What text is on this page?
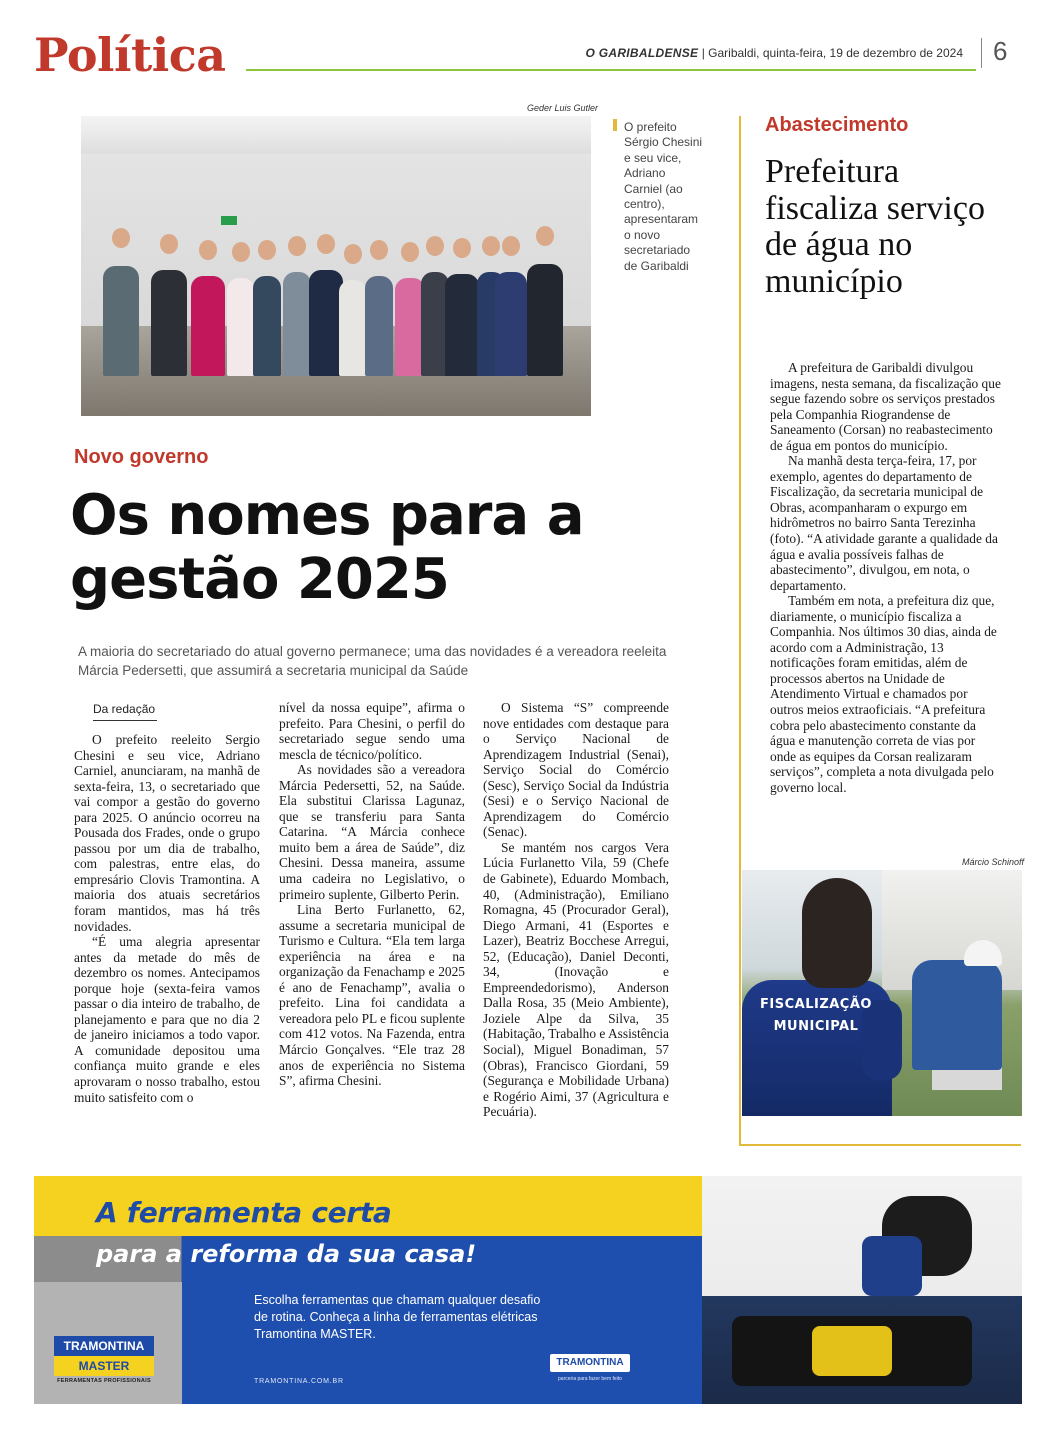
Política	O GARIBALDENSE | Garibaldi, quinta-feira, 19 de dezembro de 2024 6
Geder Luis Gutler
O prefeito Sérgio Chesini e seu vice, Adriano Carniel (ao centro), apresentaram o novo secretariado de Garibaldi
Novo governo
Os nomes para a gestão 2025
A maioria do secretariado do atual governo permanece; uma das novidades é a vereadora reeleita Márcia Pedersetti, que assumirá a secretaria municipal da Saúde
Da redação

O prefeito reeleito Sergio Chesini e seu vice, Adriano Carniel, anunciaram, na manhã de sexta-feira, 13, o secretariado que vai compor a gestão do governo para 2025. O anúncio ocorreu na Pousada dos Frades, onde o grupo passou por um dia de trabalho, com palestras, entre elas, do empresário Clovis Tramontina. A maioria dos atuais secretários foram mantidos, mas há três novidades.

“É uma alegria apresentar antes da metade do mês de dezembro os nomes. Antecipamos porque hoje (sexta-feira vamos passar o dia inteiro de trabalho, de planejamento e para que no dia 2 de janeiro iniciamos a todo vapor. A comunidade depositou uma confiança muito grande e eles aprovaram o nosso trabalho, estou muito satisfeito com o

nível da nossa equipe”, afirma o prefeito. Para Chesini, o perfil do secretariado segue sendo uma mescla de técnico/político.

As novidades são a vereadora Márcia Pedersetti, 52, na Saúde. Ela substitui Clarissa Lagunaz, que se transferiu para Santa Catarina. “A Márcia conhece muito bem a área de Saúde”, diz Chesini. Dessa maneira, assume uma cadeira no Legislativo, o primeiro suplente, Gilberto Perin.

Lina Berto Furlanetto, 62, assume a secretaria municipal de Turismo e Cultura. “Ela tem larga experiência na área e na organização da Fenachamp e 2025 é ano de Fenachamp”, avalia o prefeito. Lina foi candidata a vereadora pelo PL e ficou suplente com 412 votos. Na Fazenda, entra Márcio Gonçalves. “Ele traz 28 anos de experiência no Sistema S”, afirma Chesini.

O Sistema “S” compreende nove entidades com destaque para o Serviço Nacional de Aprendizagem Industrial (Senai), Serviço Social do Comércio (Sesc), Serviço Social da Indústria (Sesi) e o Serviço Nacional de Aprendizagem do Comércio (Senac).

Se mantém nos cargos Vera Lúcia Furlanetto Vila, 59 (Chefe de Gabinete), Eduardo Mombach, 40, (Administração), Emiliano Romagna, 45 (Procurador Geral), Diego Armani, 41 (Esportes e Lazer), Beatriz Bocchese Arregui, 52, (Educação), Daniel Deconti, 34, (Inovação e Empreendedorismo), Anderson Dalla Rosa, 35 (Meio Ambiente), Joziele Alpe da Silva, 35 (Habitação, Trabalho e Assistência Social), Miguel Bonadiman, 57 (Obras), Francisco Giordani, 59 (Segurança e Mobilidade Urbana) e Rogério Aimi, 37 (Agricultura e Pecuária).

Abastecimento
Prefeitura fiscaliza serviço de água no município

A prefeitura de Garibaldi divulgou imagens, nesta semana, da fiscalização que segue fazendo sobre os serviços prestados pela Companhia Riograndense de Saneamento (Corsan) no reabastecimento de água em pontos do município.

Na manhã desta terça-feira, 17, por exemplo, agentes do departamento de Fiscalização, da secretaria municipal de Obras, acompanharam o expurgo em hidrômetros no bairro Santa Terezinha (foto). “A atividade garante a qualidade da água e avalia possíveis falhas de abastecimento”, divulgou, em nota, o departamento.

Também em nota, a prefeitura diz que, diariamente, o município fiscaliza a Companhia. Nos últimos 30 dias, ainda de acordo com a Administração, 13 notificações foram emitidas, além de processos abertos na Unidade de Atendimento Virtual e chamados por outros meios extraoficiais. “A prefeitura cobra pelo abastecimento constante da água e manutenção correta de vias por onde as equipes da Corsan realizaram serviços”, completa a nota divulgada pelo governo local.

Márcio Schinoff
FISCALIZAÇÃO MUNICIPAL
A ferramenta certa
para a reforma da sua casa!
Escolha ferramentas que chamam qualquer desafio de rotina. Conheça a linha de ferramentas elétricas Tramontina MASTER.
TRAMONTINA.COM.BR
TRAMONTINA
MASTER
FERRAMENTAS PROFISSIONAIS
TRAMONTINA
parceria para fazer bem feito
